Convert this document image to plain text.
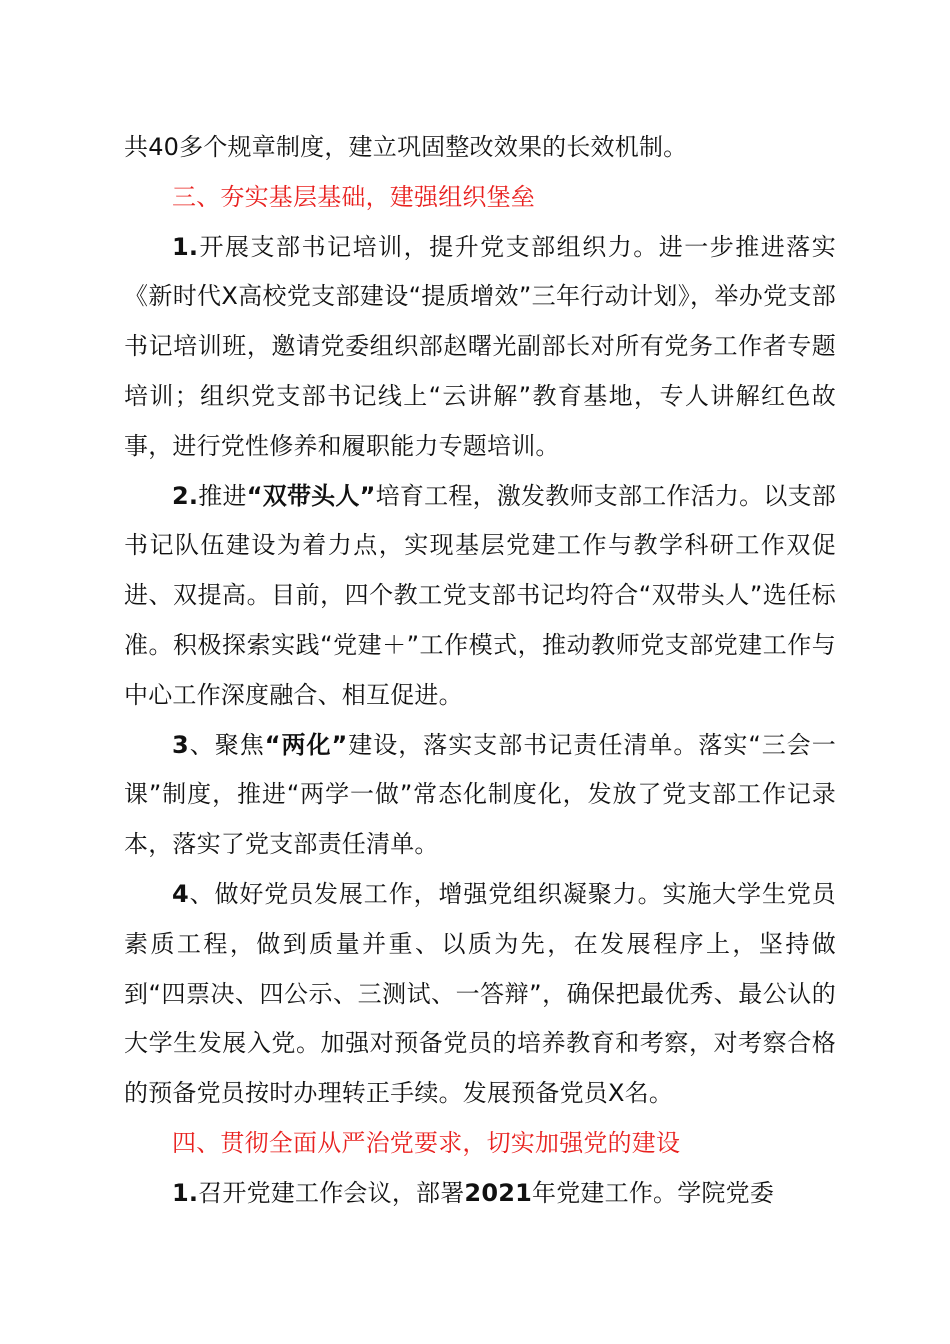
共40多个规章制度，建立巩固整改效果的长效机制。

三、夯实基层基础，建强组织堡垒

1.开展支部书记培训，提升党支部组织力。进一步推进落实《新时代X高校党支部建设“提质增效”三年行动计划》，举办党支部书记培训班，邀请党委组织部赵曙光副部长对所有党务工作者专题培训；组织党支部书记线上“云讲解”教育基地，专人讲解红色故事，进行党性修养和履职能力专题培训。

2.推进“双带头人”培育工程，激发教师支部工作活力。以支部书记队伍建设为着力点，实现基层党建工作与教学科研工作双促进、双提高。目前，四个教工党支部书记均符合“双带头人”选任标准。积极探索实践“党建＋”工作模式，推动教师党支部党建工作与中心工作深度融合、相互促进。

3、聚焦“两化”建设，落实支部书记责任清单。落实“三会一课”制度，推进“两学一做”常态化制度化，发放了党支部工作记录本，落实了党支部责任清单。

4、做好党员发展工作，增强党组织凝聚力。实施大学生党员素质工程，做到质量并重、以质为先，在发展程序上，坚持做到“四票决、四公示、三测试、一答辩”，确保把最优秀、最公认的大学生发展入党。加强对预备党员的培养教育和考察，对考察合格的预备党员按时办理转正手续。发展预备党员X名。

四、贯彻全面从严治党要求，切实加强党的建设

1.召开党建工作会议，部署2021年党建工作。学院党委
